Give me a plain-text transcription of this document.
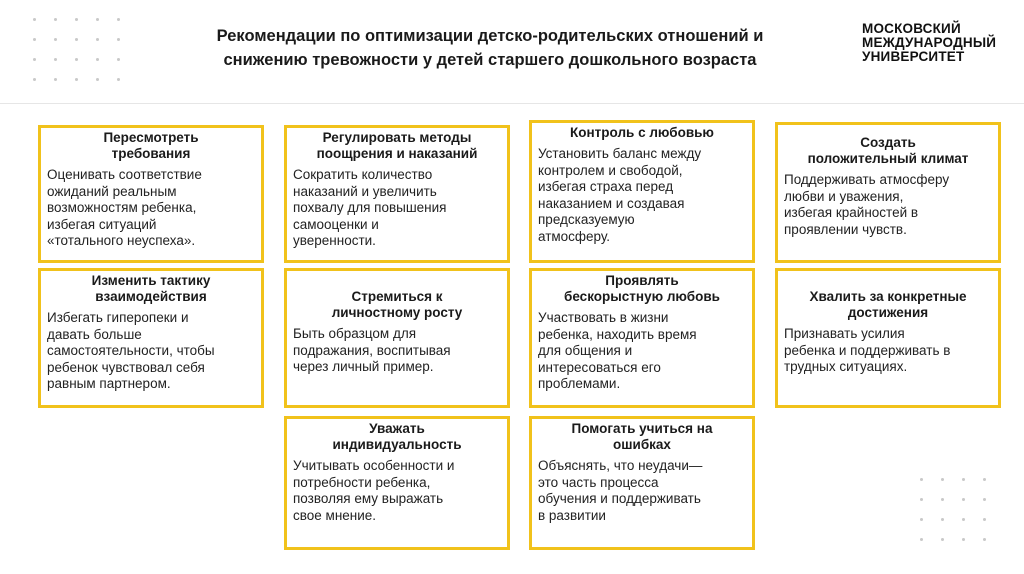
Рекомендации по оптимизации детско-родительских отношений и
снижению тревожности у детей старшего дошкольного возраста
МОСКОВСКИЙ
МЕЖДУНАРОДНЫЙ
УНИВЕРСИТЕТ
Пересмотреть
требования
Оценивать соответствие
ожиданий реальным
возможностям ребенка,
избегая ситуаций
«тотального неуспеха».
Изменить тактику
взаимодействия
Избегать гиперопеки и
давать больше
самостоятельности, чтобы
ребенок чувствовал себя
равным партнером.
Регулировать методы
поощрения и наказаний
Сократить количество
наказаний и увеличить
похвалу для повышения
самооценки и
уверенности.
Стремиться к
личностному росту
Быть образцом для
подражания, воспитывая
через личный пример.
Уважать
индивидуальность
Учитывать особенности и
потребности ребенка,
позволяя ему выражать
свое мнение.
Контроль с любовью
Установить баланс между
контролем и свободой,
избегая страха перед
наказанием и создавая
предсказуемую
атмосферу.
Проявлять
бескорыстную любовь
Участвовать в жизни
ребенка, находить время
для общения и
интересоваться его
проблемами.
Помогать учиться на
ошибках
Объяснять, что неудачи—
это часть процесса
обучения и поддерживать
в развитии
Создать
положительный климат
Поддерживать атмосферу
любви и уважения,
избегая крайностей в
проявлении чувств.
Хвалить за конкретные
достижения
Признавать усилия
ребенка и поддерживать в
трудных ситуациях.
